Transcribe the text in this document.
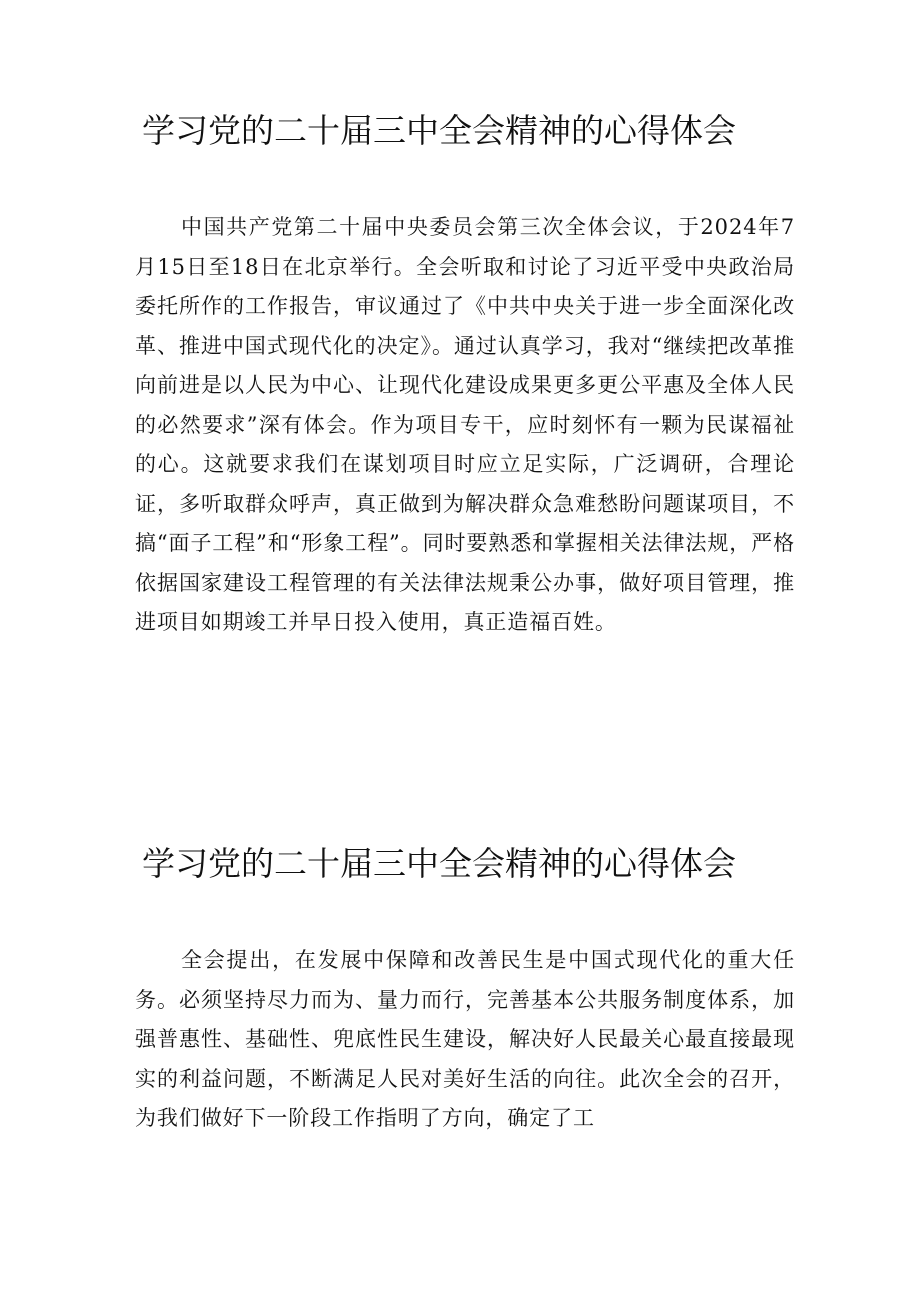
学习党的二十届三中全会精神的心得体会

中国共产党第二十届中央委员会第三次全体会议，于2024年7月15日至18日在北京举行。全会听取和讨论了习近平受中央政治局委托所作的工作报告，审议通过了《中共中央关于进一步全面深化改革、推进中国式现代化的决定》。通过认真学习，我对“继续把改革推向前进是以人民为中心、让现代化建设成果更多更公平惠及全体人民的必然要求”深有体会。作为项目专干，应时刻怀有一颗为民谋福祉的心。这就要求我们在谋划项目时应立足实际，广泛调研，合理论证，多听取群众呼声，真正做到为解决群众急难愁盼问题谋项目，不搞“面子工程”和“形象工程”。同时要熟悉和掌握相关法律法规，严格依据国家建设工程管理的有关法律法规秉公办事，做好项目管理，推进项目如期竣工并早日投入使用，真正造福百姓。

学习党的二十届三中全会精神的心得体会

全会提出，在发展中保障和改善民生是中国式现代化的重大任务。必须坚持尽力而为、量力而行，完善基本公共服务制度体系，加强普惠性、基础性、兜底性民生建设，解决好人民最关心最直接最现实的利益问题，不断满足人民对美好生活的向往。此次全会的召开，为我们做好下一阶段工作指明了方向，确定了工
